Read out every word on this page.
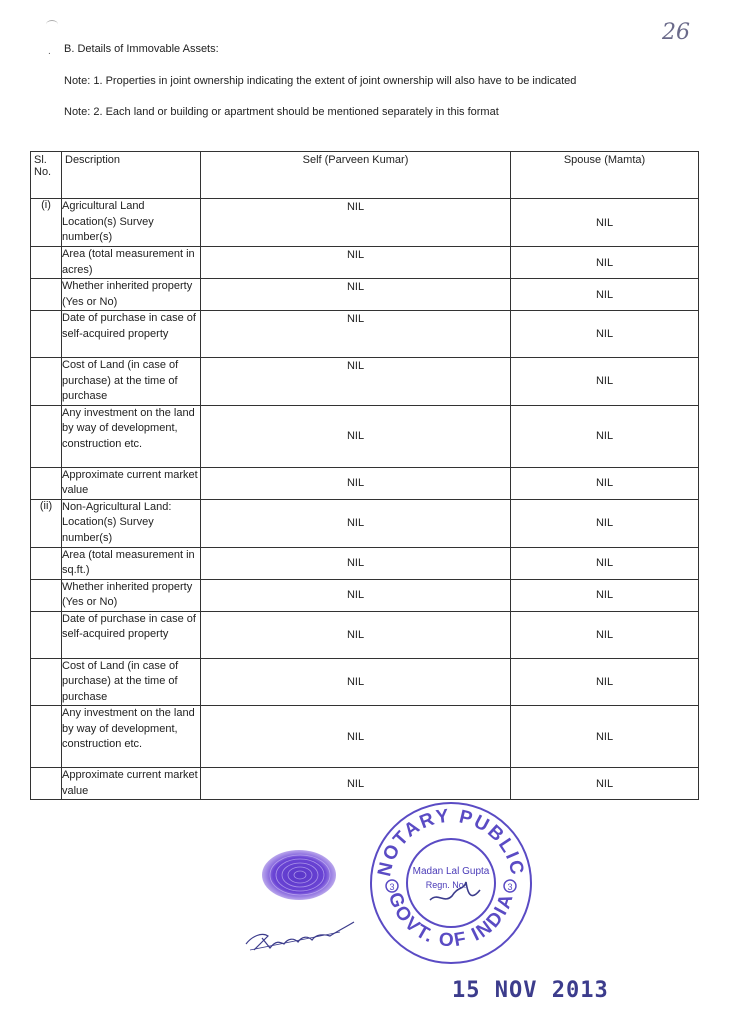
26
. B. Details of Immovable Assets:
Note: 1. Properties in joint ownership indicating the extent of joint ownership will also have to be indicated
Note: 2. Each land or building or apartment should be mentioned separately in this format
Sl. No.	Description	Self (Parveen Kumar)	Spouse (Mamta)
(i)	Agricultural Land Location(s) Survey number(s)	NIL	NIL
	Area (total measurement in acres)	NIL	NIL
	Whether inherited property (Yes or No)	NIL	NIL
	Date of purchase in case of self-acquired property	NIL	NIL
	Cost of Land (in case of purchase) at the time of purchase	NIL	NIL
	Any investment on the land by way of development, construction etc.	NIL	NIL
	Approximate current market value	NIL	NIL
(ii)	Non-Agricultural Land: Location(s) Survey number(s)	NIL	NIL
	Area (total measurement in sq.ft.)	NIL	NIL
	Whether inherited property (Yes or No)	NIL	NIL
	Date of purchase in case of self-acquired property	NIL	NIL
	Cost of Land (in case of purchase) at the time of purchase	NIL	NIL
	Any investment on the land by way of development, construction etc.	NIL	NIL
	Approximate current market value	NIL	NIL
NOTARY PUBLIC
GOVT. OF INDIA
3	3
Madan Lal Gupta
Regn. No.
15 NOV 2013
